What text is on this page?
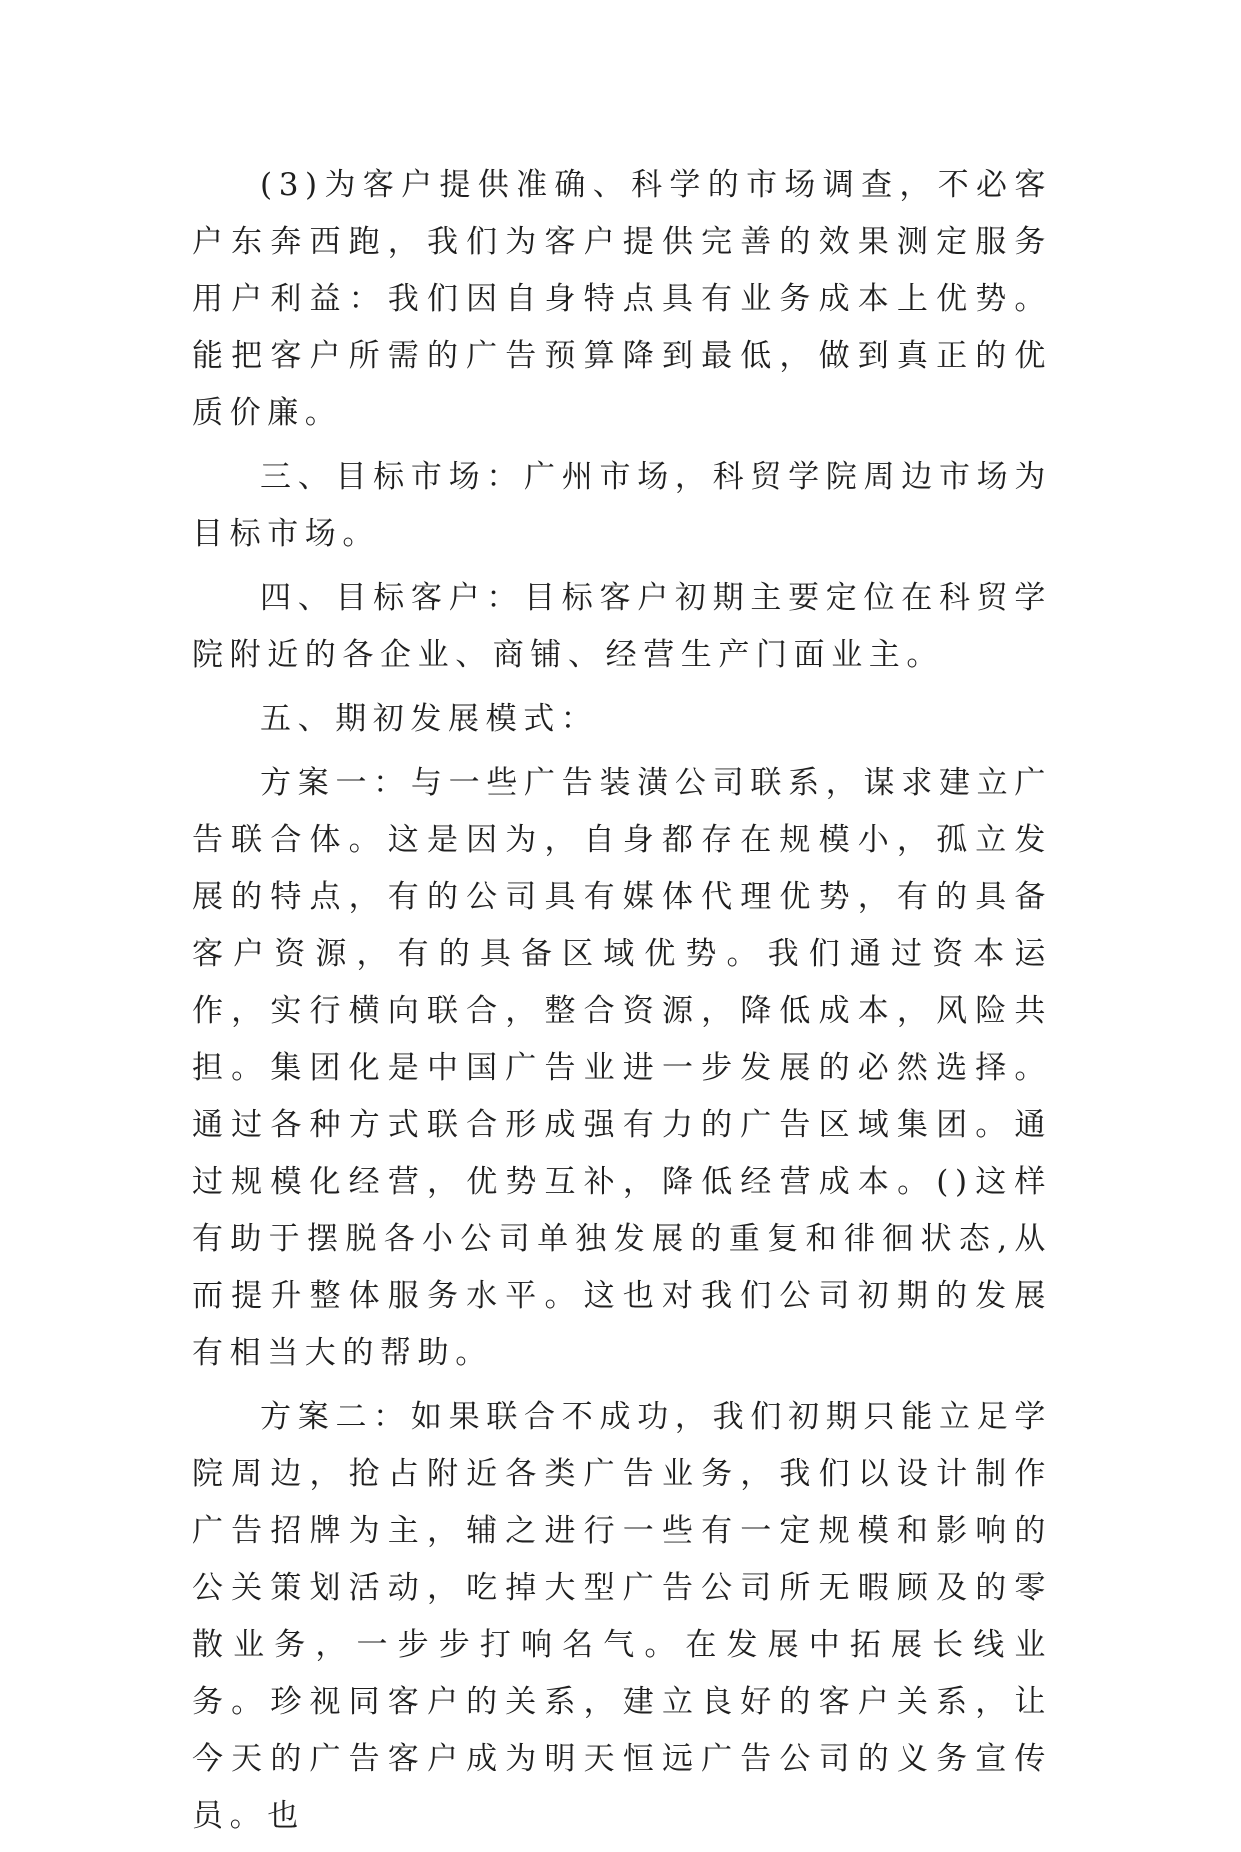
(3)为客户提供准确、科学的市场调查，不必客户东奔西跑，我们为客户提供完善的效果测定服务用户利益：我们因自身特点具有业务成本上优势。能把客户所需的广告预算降到最低，做到真正的优质价廉。

三、目标市场：广州市场，科贸学院周边市场为目标市场。

四、目标客户：目标客户初期主要定位在科贸学院附近的各企业、商铺、经营生产门面业主。

五、期初发展模式：

方案一：与一些广告装潢公司联系，谋求建立广告联合体。这是因为，自身都存在规模小，孤立发展的特点，有的公司具有媒体代理优势，有的具备客户资源，有的具备区域优势。我们通过资本运作，实行横向联合，整合资源，降低成本，风险共担。集团化是中国广告业进一步发展的必然选择。通过各种方式联合形成强有力的广告区域集团。通过规模化经营，优势互补，降低经营成本。()这样有助于摆脱各小公司单独发展的重复和徘徊状态,从而提升整体服务水平。这也对我们公司初期的发展有相当大的帮助。

方案二：如果联合不成功，我们初期只能立足学院周边，抢占附近各类广告业务，我们以设计制作广告招牌为主，辅之进行一些有一定规模和影响的公关策划活动，吃掉大型广告公司所无暇顾及的零散业务，一步步打响名气。在发展中拓展长线业务。珍视同客户的关系，建立良好的客户关系，让今天的广告客户成为明天恒远广告公司的义务宣传员。也
